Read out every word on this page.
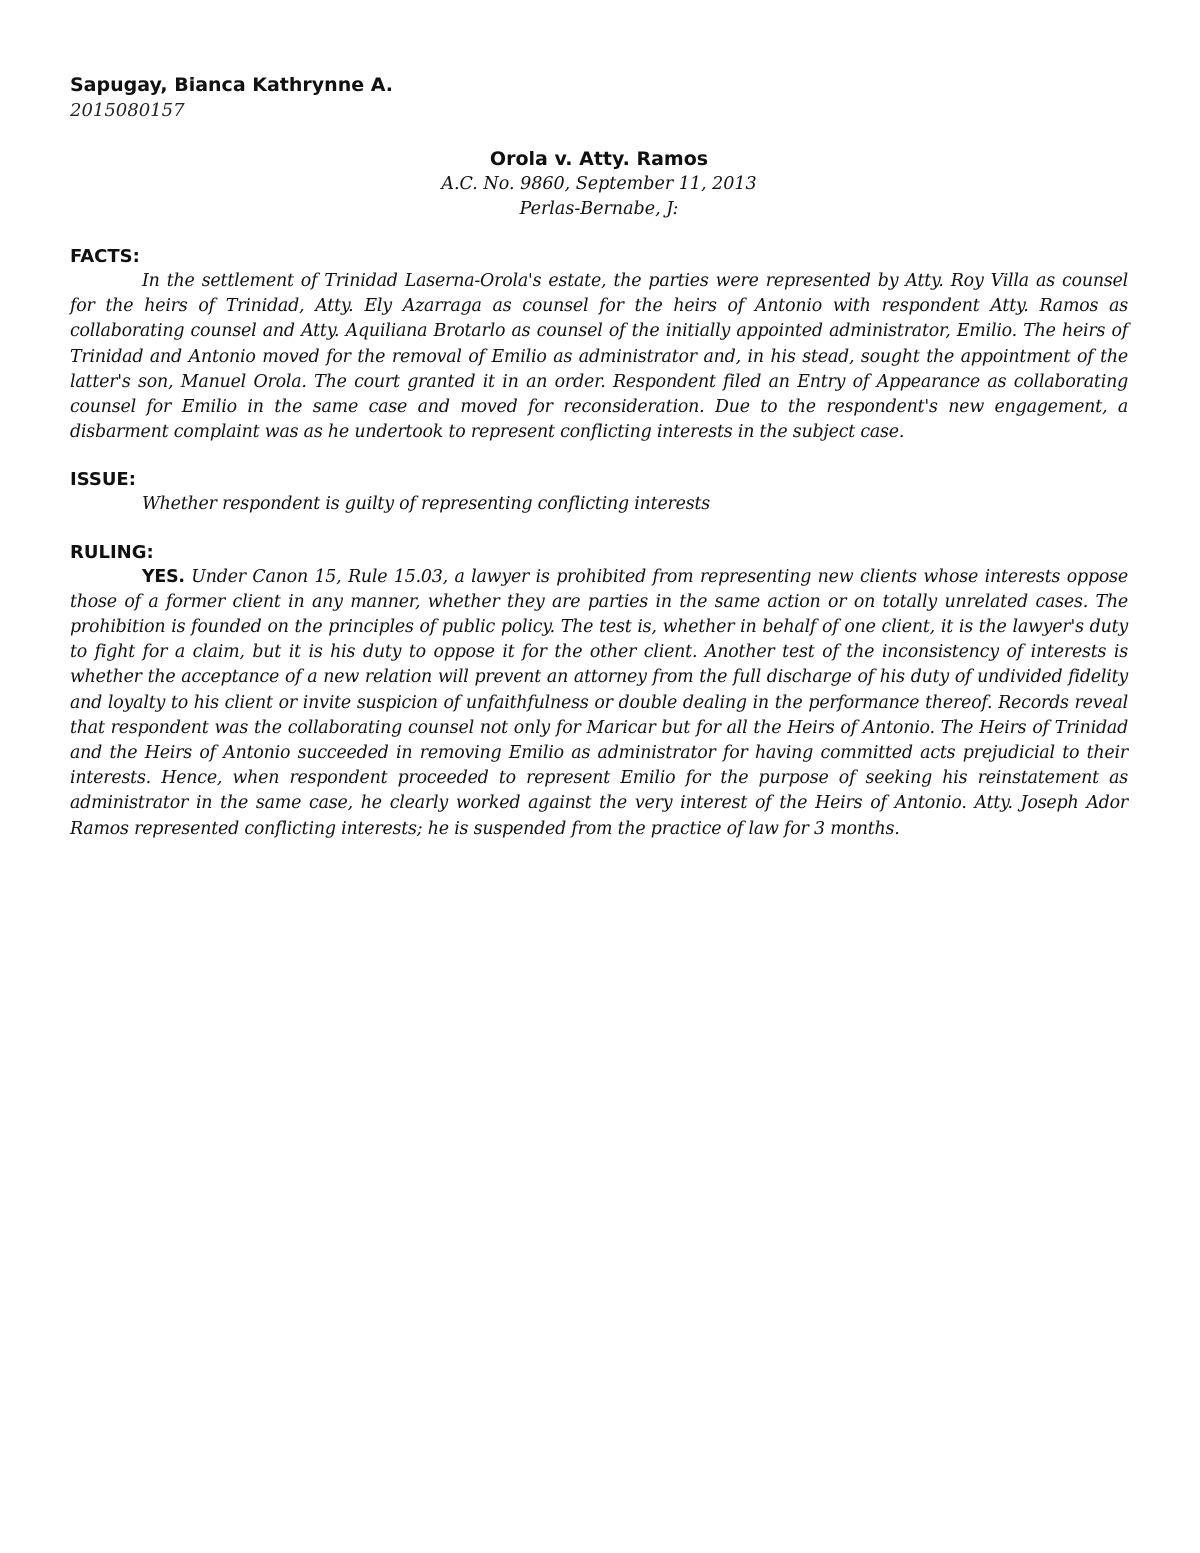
Sapugay, Bianca Kathrynne A.

2015080157

Orola v. Atty. Ramos

A.C. No. 9860, September 11, 2013

Perlas-Bernabe, J:

FACTS:

In the settlement of Trinidad Laserna-Orola's estate, the parties were represented by Atty. Roy Villa as counsel for the heirs of Trinidad, Atty. Ely Azarraga as counsel for the heirs of Antonio with respondent Atty. Ramos as collaborating counsel and Atty. Aquiliana Brotarlo as counsel of the initially appointed administrator, Emilio. The heirs of Trinidad and Antonio moved for the removal of Emilio as administrator and, in his stead, sought the appointment of the latter's son, Manuel Orola. The court granted it in an order. Respondent filed an Entry of Appearance as collaborating counsel for Emilio in the same case and moved for reconsideration. Due to the respondent's new engagement, a disbarment complaint was as he undertook to represent conflicting interests in the subject case.

ISSUE:

Whether respondent is guilty of representing conflicting interests

RULING:

YES. Under Canon 15, Rule 15.03, a lawyer is prohibited from representing new clients whose interests oppose those of a former client in any manner, whether they are parties in the same action or on totally unrelated cases. The prohibition is founded on the principles of public policy. The test is, whether in behalf of one client, it is the lawyer's duty to fight for a claim, but it is his duty to oppose it for the other client. Another test of the inconsistency of interests is whether the acceptance of a new relation will prevent an attorney from the full discharge of his duty of undivided fidelity and loyalty to his client or invite suspicion of unfaithfulness or double dealing in the performance thereof. Records reveal that respondent was the collaborating counsel not only for Maricar but for all the Heirs of Antonio. The Heirs of Trinidad and the Heirs of Antonio succeeded in removing Emilio as administrator for having committed acts prejudicial to their interests. Hence, when respondent proceeded to represent Emilio for the purpose of seeking his reinstatement as administrator in the same case, he clearly worked against the very interest of the Heirs of Antonio. Atty. Joseph Ador Ramos represented conflicting interests; he is suspended from the practice of law for 3 months.
